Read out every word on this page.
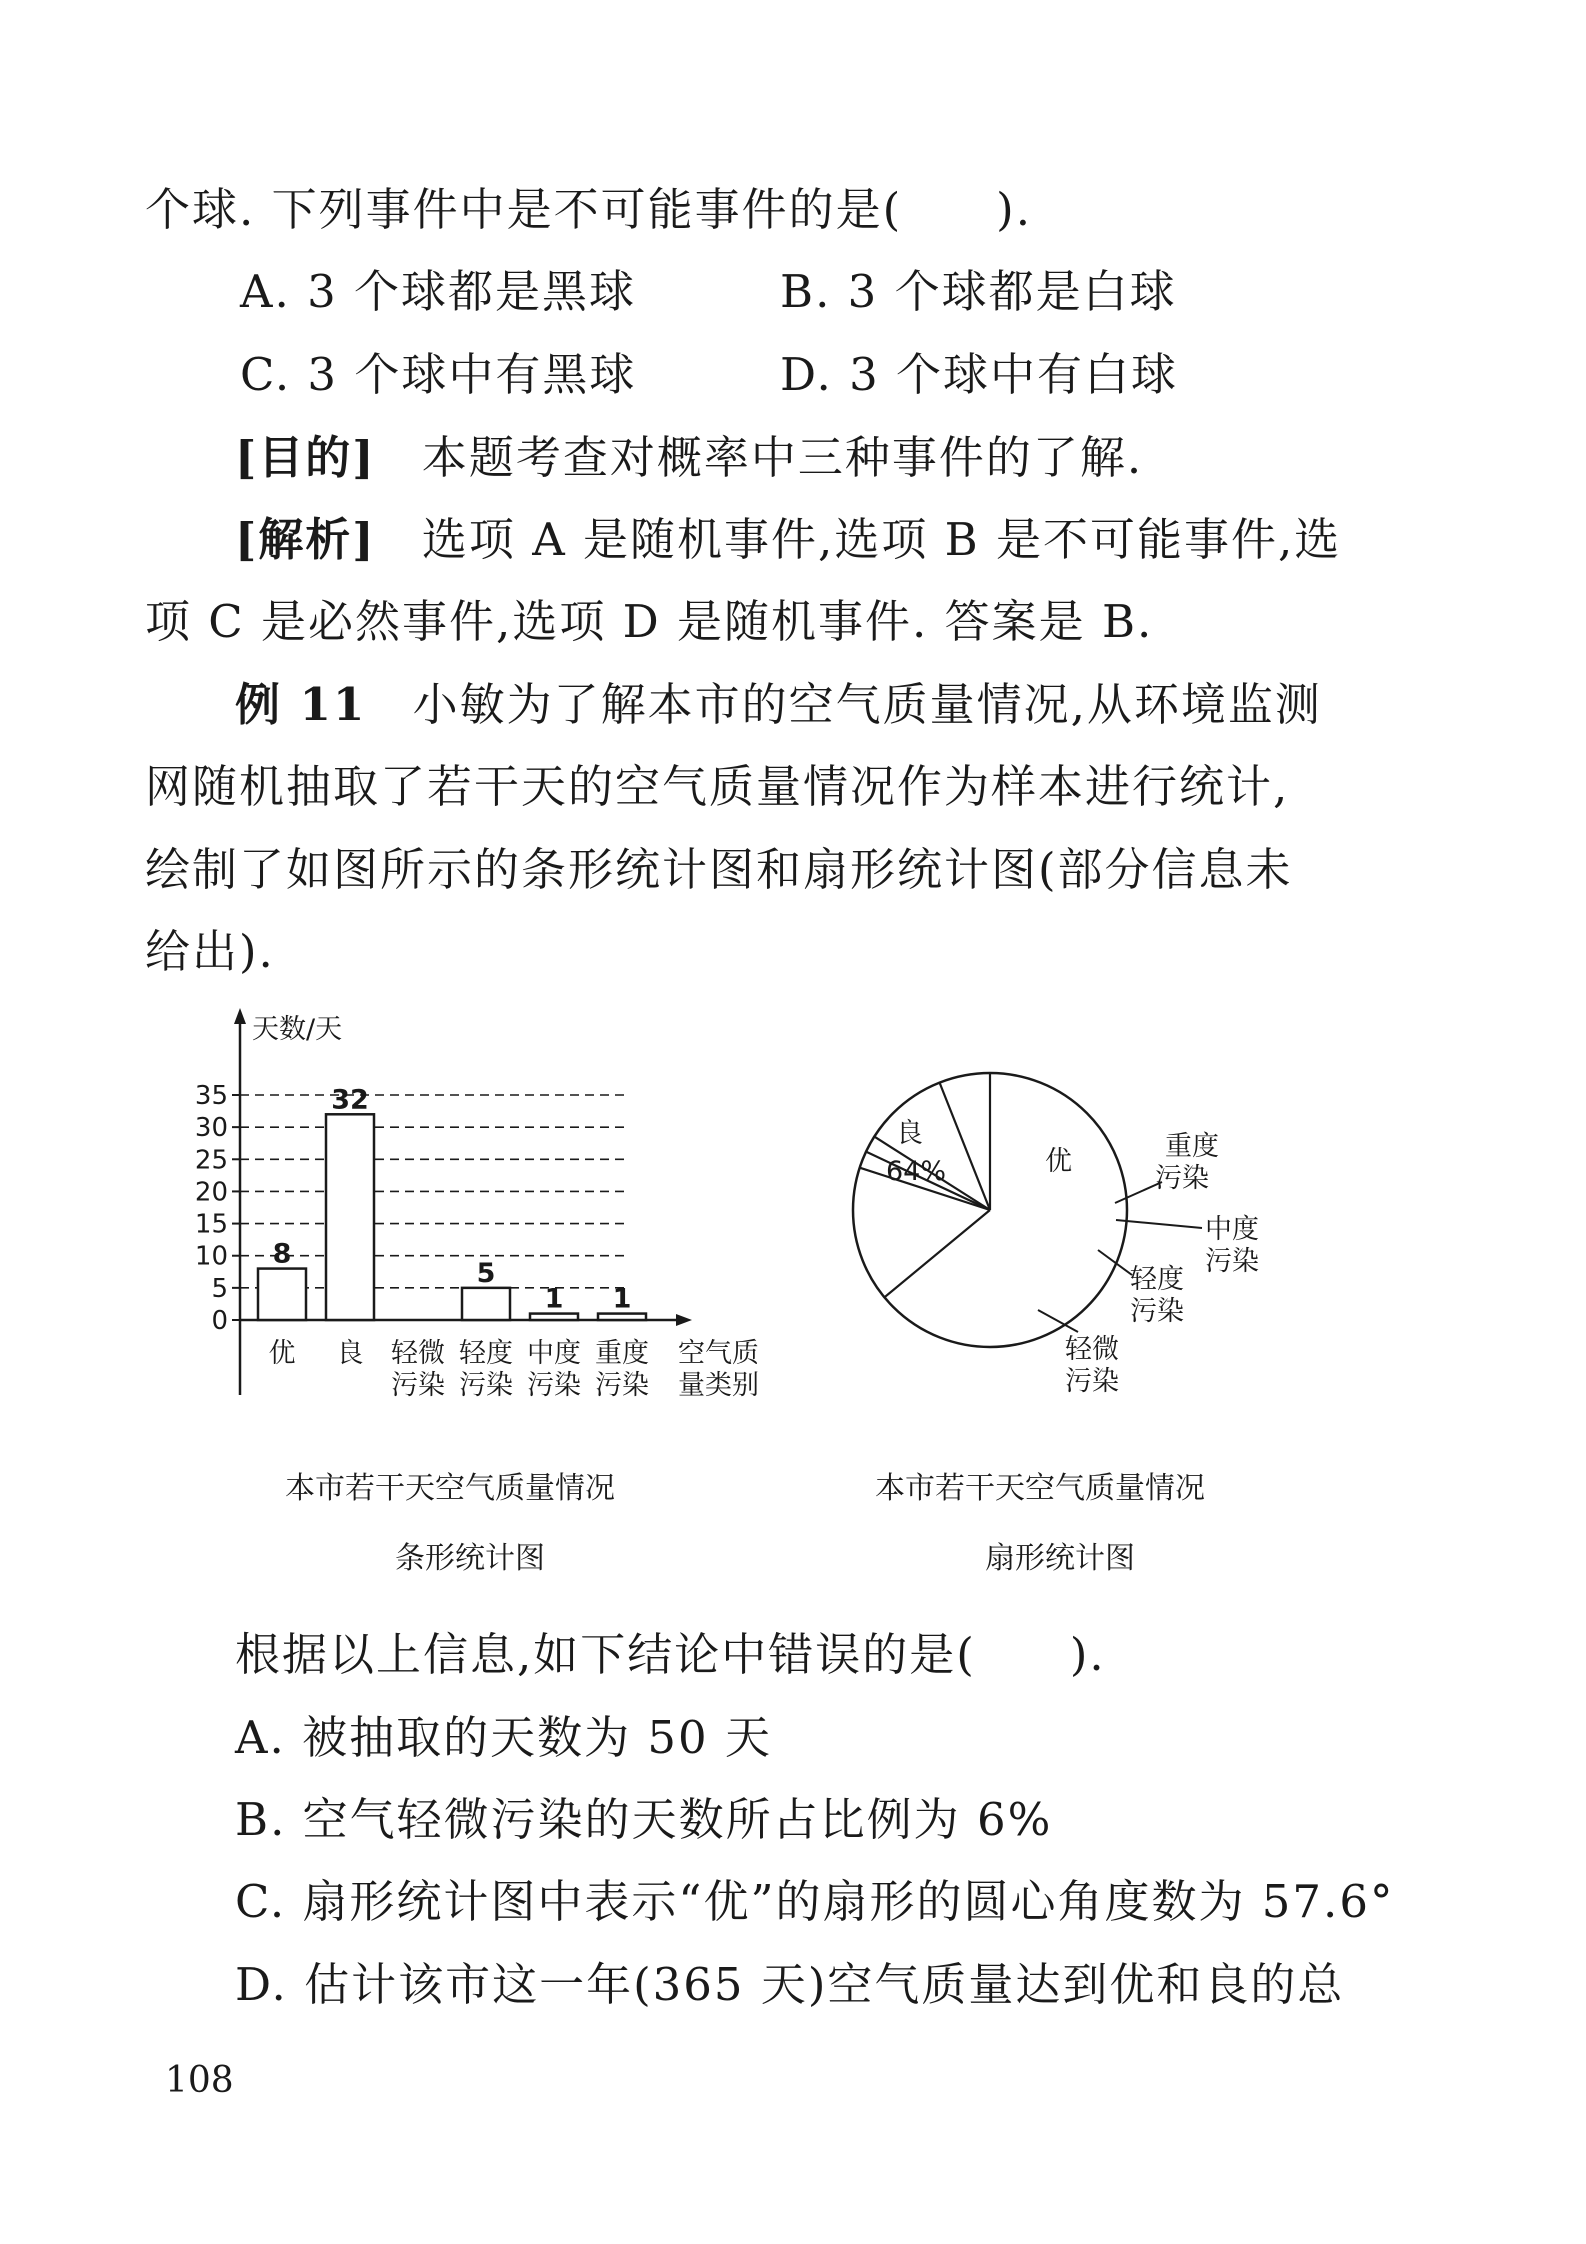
个球. 下列事件中是不可能事件的是(　　).
A. 3 个球都是黑球	B. 3 个球都是白球
C. 3 个球中有黑球	D. 3 个球中有白球
[目的] 本题考查对概率中三种事件的了解.
[解析] 选项 A 是随机事件,选项 B 是不可能事件,选
项 C 是必然事件,选项 D 是随机事件. 答案是 B.
例 11 小敏为了解本市的空气质量情况,从环境监测
网随机抽取了若干天的空气质量情况作为样本进行统计,
绘制了如图所示的条形统计图和扇形统计图(部分信息未
给出).
天数/天
0
5
10
15
20
25
30
35
8
32
5
1 1
优 良 轻微
污染
轻度
污染
中度
污染
重度
污染
空气质
量类别
本市若干天空气质量情况
条形统计图
良
64%	优	重度
污染
中度
污染
轻度
污染
轻微
污染
本市若干天空气质量情况
扇形统计图
根据以上信息,如下结论中错误的是(　　).
A. 被抽取的天数为 50 天
B. 空气轻微污染的天数所占比例为 6%
C. 扇形统计图中表示“优”的扇形的圆心角度数为 57.6°
D. 估计该市这一年(365 天)空气质量达到优和良的总
108
